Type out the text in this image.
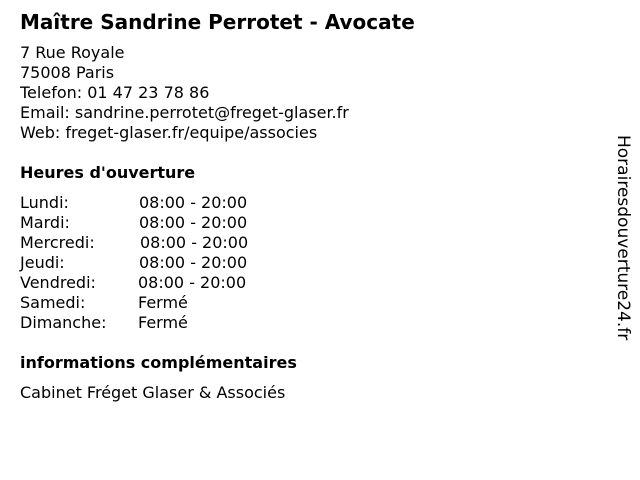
Maître Sandrine Perrotet - Avocate
7 Rue Royale
75008 Paris
Telefon: 01 47 23 78 86
Email: sandrine.perrotet@freget-glaser.fr
Web: freget-glaser.fr/equipe/associes
Heures d'ouverture
Lundi:	08:00 - 20:00
Mardi:	08:00 - 20:00
Mercredi:	08:00 - 20:00
Jeudi:	08:00 - 20:00
Vendredi:	08:00 - 20:00
Samedi:	Fermé
Dimanche: Fermé
informations complémentaires
Cabinet Fréget Glaser & Associés
Horairesdouverture24.fr
